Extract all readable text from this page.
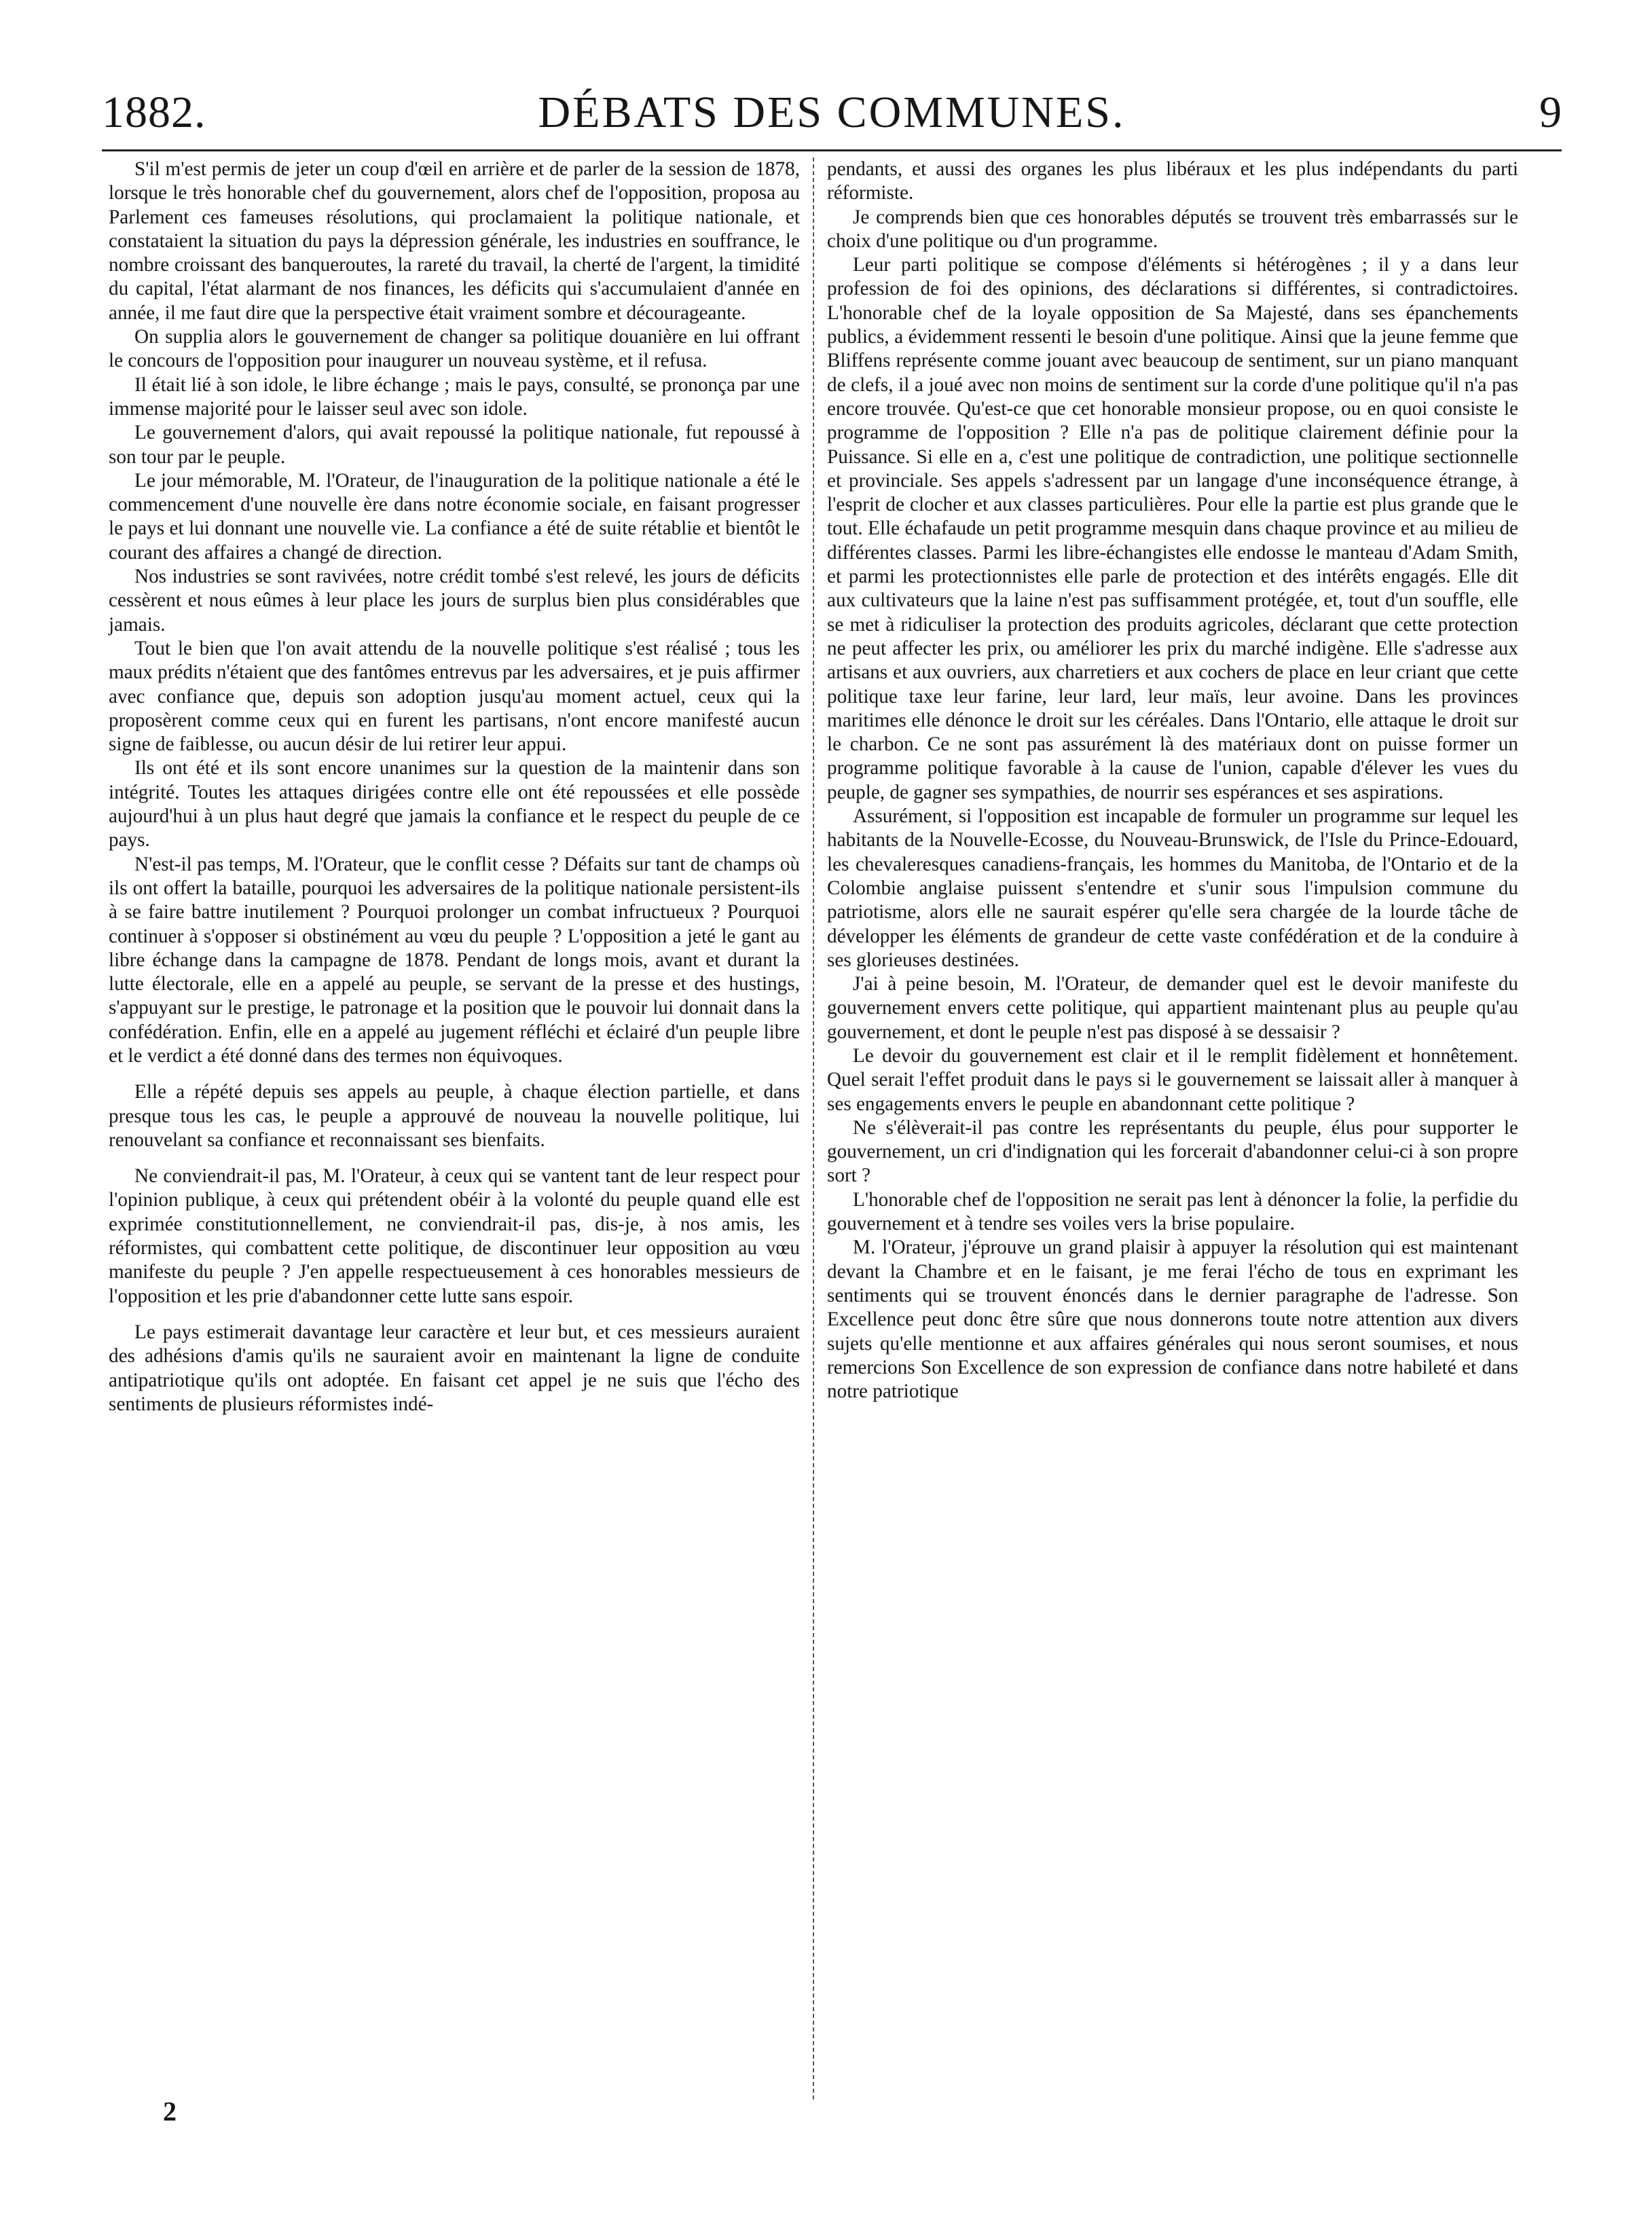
1882.	DÉBATS DES COMMUNES.	9

S'il m'est permis de jeter un coup d'œil en arrière et de parler de la session de 1878, lorsque le très honorable chef du gouvernement, alors chef de l'opposition, proposa au Parlement ces fameuses résolutions, qui proclamaient la politique nationale, et constataient la situation du pays la dépression générale, les industries en souffrance, le nombre croissant des banqueroutes, la rareté du travail, la cherté de l'argent, la timidité du capital, l'état alarmant de nos finances, les déficits qui s'accumulaient d'année en année, il me faut dire que la perspective était vraiment sombre et décourageante.

On supplia alors le gouvernement de changer sa politique douanière en lui offrant le concours de l'opposition pour inaugurer un nouveau système, et il refusa.

Il était lié à son idole, le libre échange ; mais le pays, consulté, se prononça par une immense majorité pour le laisser seul avec son idole.

Le gouvernement d'alors, qui avait repoussé la politique nationale, fut repoussé à son tour par le peuple.

Le jour mémorable, M. l'Orateur, de l'inauguration de la politique nationale a été le commencement d'une nouvelle ère dans notre économie sociale, en faisant progresser le pays et lui donnant une nouvelle vie. La confiance a été de suite rétablie et bientôt le courant des affaires a changé de direction.

Nos industries se sont ravivées, notre crédit tombé s'est relevé, les jours de déficits cessèrent et nous eûmes à leur place les jours de surplus bien plus considérables que jamais.

Tout le bien que l'on avait attendu de la nouvelle politique s'est réalisé ; tous les maux prédits n'étaient que des fantômes entrevus par les adversaires, et je puis affirmer avec confiance que, depuis son adoption jusqu'au moment actuel, ceux qui la proposèrent comme ceux qui en furent les partisans, n'ont encore manifesté aucun signe de faiblesse, ou aucun désir de lui retirer leur appui.

Ils ont été et ils sont encore unanimes sur la question de la maintenir dans son intégrité. Toutes les attaques dirigées contre elle ont été repoussées et elle possède aujourd'hui à un plus haut degré que jamais la confiance et le respect du peuple de ce pays.

N'est-il pas temps, M. l'Orateur, que le conflit cesse ? Défaits sur tant de champs où ils ont offert la bataille, pourquoi les adversaires de la politique nationale persistent-ils à se faire battre inutilement ? Pourquoi prolonger un combat infructueux ? Pourquoi continuer à s'opposer si obstinément au vœu du peuple ? L'opposition a jeté le gant au libre échange dans la campagne de 1878. Pendant de longs mois, avant et durant la lutte électorale, elle en a appelé au peuple, se servant de la presse et des hustings, s'appuyant sur le prestige, le patronage et la position que le pouvoir lui donnait dans la confédération. Enfin, elle en a appelé au jugement réfléchi et éclairé d'un peuple libre et le verdict a été donné dans des termes non équivoques.

Elle a répété depuis ses appels au peuple, à chaque élection partielle, et dans presque tous les cas, le peuple a approuvé de nouveau la nouvelle politique, lui renouvelant sa confiance et reconnaissant ses bienfaits.

Ne conviendrait-il pas, M. l'Orateur, à ceux qui se vantent tant de leur respect pour l'opinion publique, à ceux qui prétendent obéir à la volonté du peuple quand elle est exprimée constitutionnellement, ne conviendrait-il pas, dis-je, à nos amis, les réformistes, qui combattent cette politique, de discontinuer leur opposition au vœu manifeste du peuple ? J'en appelle respectueusement à ces honorables messieurs de l'opposition et les prie d'abandonner cette lutte sans espoir.

Le pays estimerait davantage leur caractère et leur but, et ces messieurs auraient des adhésions d'amis qu'ils ne sauraient avoir en maintenant la ligne de conduite antipatriotique qu'ils ont adoptée. En faisant cet appel je ne suis que l'écho des sentiments de plusieurs réformistes indé-

pendants, et aussi des organes les plus libéraux et les plus indépendants du parti réformiste.

Je comprends bien que ces honorables députés se trouvent très embarrassés sur le choix d'une politique ou d'un programme.

Leur parti politique se compose d'éléments si hétérogènes ; il y a dans leur profession de foi des opinions, des déclarations si différentes, si contradictoires. L'honorable chef de la loyale opposition de Sa Majesté, dans ses épanchements publics, a évidemment ressenti le besoin d'une politique. Ainsi que la jeune femme que Bliffens représente comme jouant avec beaucoup de sentiment, sur un piano manquant de clefs, il a joué avec non moins de sentiment sur la corde d'une politique qu'il n'a pas encore trouvée. Qu'est-ce que cet honorable monsieur propose, ou en quoi consiste le programme de l'opposition ? Elle n'a pas de politique clairement définie pour la Puissance. Si elle en a, c'est une politique de contradiction, une politique sectionnelle et provinciale. Ses appels s'adressent par un langage d'une inconséquence étrange, à l'esprit de clocher et aux classes particulières. Pour elle la partie est plus grande que le tout. Elle échafaude un petit programme mesquin dans chaque province et au milieu de différentes classes. Parmi les libre-échangistes elle endosse le manteau d'Adam Smith, et parmi les protectionnistes elle parle de protection et des intérêts engagés. Elle dit aux cultivateurs que la laine n'est pas suffisamment protégée, et, tout d'un souffle, elle se met à ridiculiser la protection des produits agricoles, déclarant que cette protection ne peut affecter les prix, ou améliorer les prix du marché indigène. Elle s'adresse aux artisans et aux ouvriers, aux charretiers et aux cochers de place en leur criant que cette politique taxe leur farine, leur lard, leur maïs, leur avoine. Dans les provinces maritimes elle dénonce le droit sur les céréales. Dans l'Ontario, elle attaque le droit sur le charbon. Ce ne sont pas assurément là des matériaux dont on puisse former un programme politique favorable à la cause de l'union, capable d'élever les vues du peuple, de gagner ses sympathies, de nourrir ses espérances et ses aspirations.

Assurément, si l'opposition est incapable de formuler un programme sur lequel les habitants de la Nouvelle-Ecosse, du Nouveau-Brunswick, de l'Isle du Prince-Edouard, les chevaleresques canadiens-français, les hommes du Manitoba, de l'Ontario et de la Colombie anglaise puissent s'entendre et s'unir sous l'impulsion commune du patriotisme, alors elle ne saurait espérer qu'elle sera chargée de la lourde tâche de développer les éléments de grandeur de cette vaste confédération et de la conduire à ses glorieuses destinées.

J'ai à peine besoin, M. l'Orateur, de demander quel est le devoir manifeste du gouvernement envers cette politique, qui appartient maintenant plus au peuple qu'au gouvernement, et dont le peuple n'est pas disposé à se dessaisir ?

Le devoir du gouvernement est clair et il le remplit fidèlement et honnêtement. Quel serait l'effet produit dans le pays si le gouvernement se laissait aller à manquer à ses engagements envers le peuple en abandonnant cette politique ?

Ne s'élèverait-il pas contre les représentants du peuple, élus pour supporter le gouvernement, un cri d'indignation qui les forcerait d'abandonner celui-ci à son propre sort ?

L'honorable chef de l'opposition ne serait pas lent à dénoncer la folie, la perfidie du gouvernement et à tendre ses voiles vers la brise populaire.

M. l'Orateur, j'éprouve un grand plaisir à appuyer la résolution qui est maintenant devant la Chambre et en le faisant, je me ferai l'écho de tous en exprimant les sentiments qui se trouvent énoncés dans le dernier paragraphe de l'adresse. Son Excellence peut donc être sûre que nous donnerons toute notre attention aux divers sujets qu'elle mentionne et aux affaires générales qui nous seront soumises, et nous remercions Son Excellence de son expression de confiance dans notre habileté et dans notre patriotique

2
